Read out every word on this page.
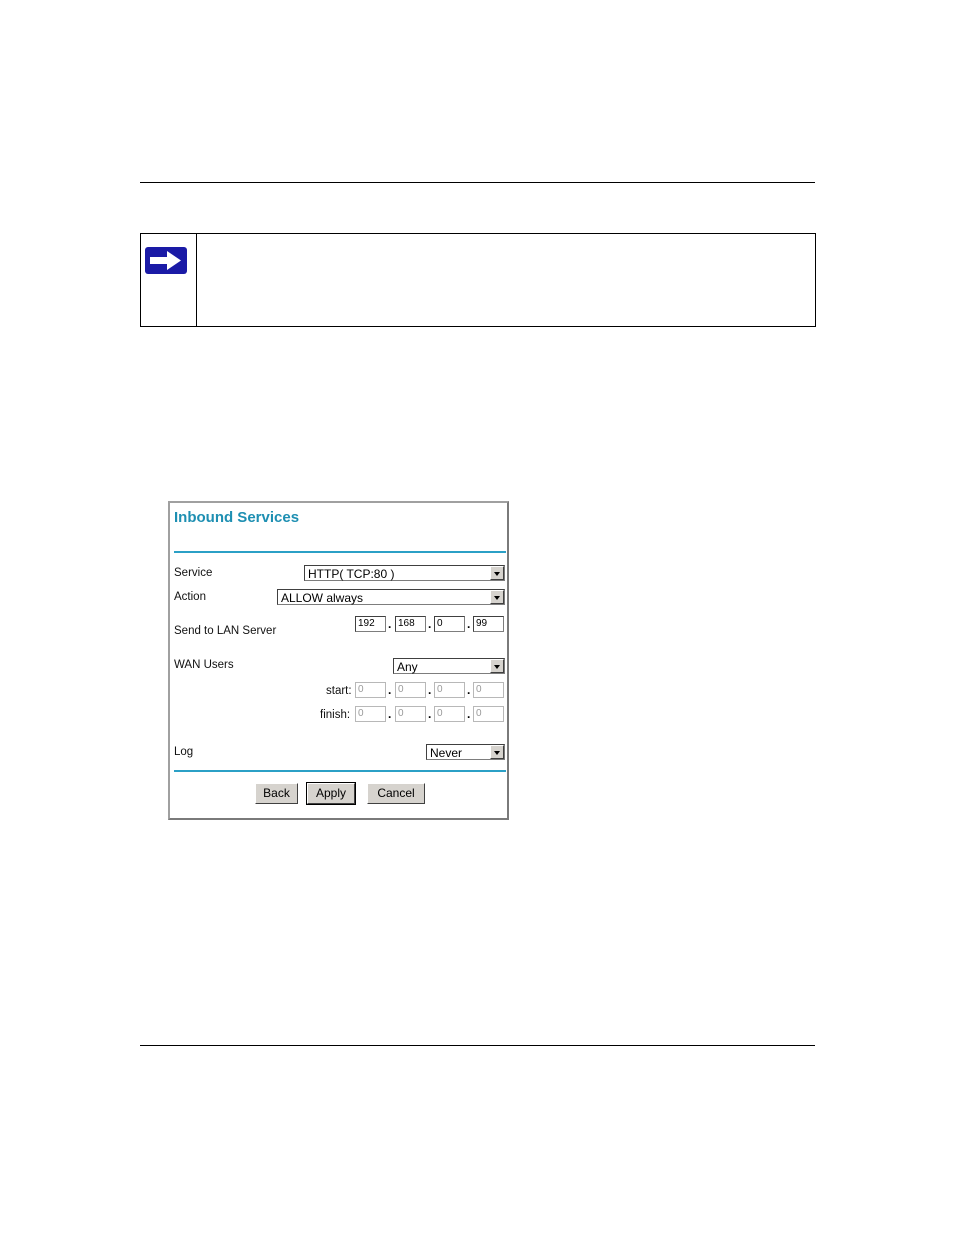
Inbound Services
Service	HTTP( TCP:80 )
Action	ALLOW always
Send to LAN Server
192	. 168	. 0	. 99
WAN Users	Any
start: 0	. 0	. 0	. 0
finish: 0	. 0	. 0	. 0
Log	Never
Back	Apply	Cancel
